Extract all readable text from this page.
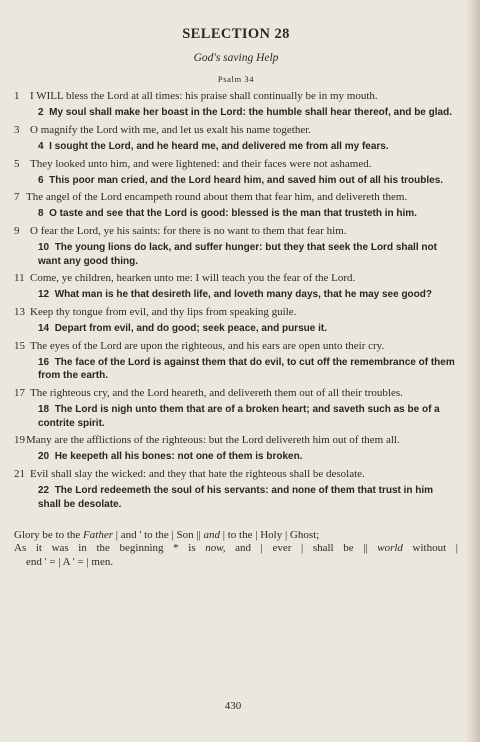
SELECTION 28
God's saving Help
Psalm 34
1 I WILL bless the Lord at all times: his praise shall continually be in my mouth.
2 My soul shall make her boast in the Lord: the humble shall hear thereof, and be glad.
3 O magnify the Lord with me, and let us exalt his name together.
4 I sought the Lord, and he heard me, and delivered me from all my fears.
5 They looked unto him, and were lightened: and their faces were not ashamed.
6 This poor man cried, and the Lord heard him, and saved him out of all his troubles.
7 The angel of the Lord encampeth round about them that fear him, and delivereth them.
8 O taste and see that the Lord is good: blessed is the man that trusteth in him.
9 O fear the Lord, ye his saints: for there is no want to them that fear him.
10 The young lions do lack, and suffer hunger: but they that seek the Lord shall not want any good thing.
11 Come, ye children, hearken unto me: I will teach you the fear of the Lord.
12 What man is he that desireth life, and loveth many days, that he may see good?
13 Keep thy tongue from evil, and thy lips from speaking guile.
14 Depart from evil, and do good; seek peace, and pursue it.
15 The eyes of the Lord are upon the righteous, and his ears are open unto their cry.
16 The face of the Lord is against them that do evil, to cut off the remembrance of them from the earth.
17 The righteous cry, and the Lord heareth, and delivereth them out of all their troubles.
18 The Lord is nigh unto them that are of a broken heart; and saveth such as be of a contrite spirit.
19Many are the afflictions of the righteous: but the Lord delivereth him out of them all.
20 He keepeth all his bones: not one of them is broken.
21 Evil shall slay the wicked: and they that hate the righteous shall be desolate.
22 The Lord redeemeth the soul of his servants: and none of them that trust in him shall be desolate.
Glory be to the Father | and ' to the | Son || and | to the | Holy | Ghost;
As it was in the beginning * is now, and | ever | shall be || world without |
end ' = | A ' = | men.
430
